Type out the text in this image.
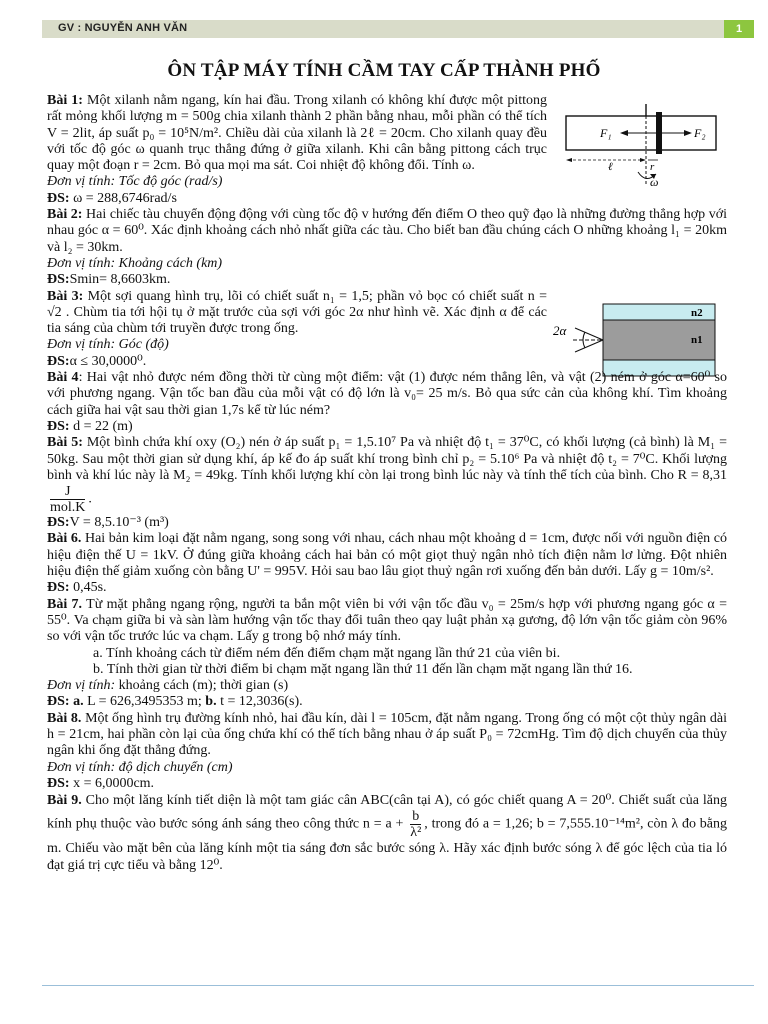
GV : NGUYỄN ANH VĂN	1
ÔN TẬP MÁY TÍNH CẦM TAY CẤP THÀNH PHỐ
F₁	F₂
ℓ	r
ω
n2
n1
2α

Bài 1: Một xilanh nằm ngang, kín hai đầu. Trong xilanh có không khí được một pittong rất mỏng khối lượng m = 500g chia xilanh thành 2 phần bằng nhau, mỗi phần có thể tích V = 2lit, áp suất p₀ = 10⁵N/m². Chiều dài của xilanh là 2ℓ = 20cm. Cho xilanh quay đều với tốc độ góc ω quanh trục thẳng đứng ở giữa xilanh. Khi cân bằng pittong cách trục quay một đoạn r = 2cm. Bỏ qua mọi ma sát. Coi nhiệt độ không đổi. Tính ω.

Đơn vị tính: Tốc độ góc (rad/s)

ĐS: ω = 288,6746rad/s

Bài 2: Hai chiếc tàu chuyển động động với cùng tốc độ v hướng đến điểm O theo quỹ đạo là những đường thẳng hợp với nhau góc α = 60⁰. Xác định khoảng cách nhỏ nhất giữa các tàu. Cho biết ban đầu chúng cách O những khoảng l₁ = 20km và l₂ = 30km.

Đơn vị tính: Khoảng cách (km)

ĐS:Smin= 8,6603km.

Bài 3: Một sợi quang hình trụ, lõi có chiết suất n₁ = 1,5; phần vỏ bọc có chiết suất n = √2 . Chùm tia tới hội tụ ở mặt trước của sợi với góc 2α như hình vẽ. Xác định α để các tia sáng của chùm tới truyền được trong ống.

Đơn vị tính: Góc (độ)

ĐS:α ≤ 30,0000⁰.

Bài 4: Hai vật nhỏ được ném đồng thời từ cùng một điểm: vật (1) được ném thẳng lên, và vật (2) ném ở góc α=60⁰ so với phương ngang. Vận tốc ban đầu của mỗi vật có độ lớn là v₀= 25 m/s. Bỏ qua sức cản của không khí. Tìm khoảng cách giữa hai vật sau thời gian 1,7s kể từ lúc ném?

ĐS: d = 22 (m)

Bài 5: Một bình chứa khí oxy (O₂) nén ở áp suất p₁ = 1,5.10⁷ Pa và nhiệt độ t₁ = 37⁰C, có khối lượng (cả bình) là M₁ = 50kg. Sau một thời gian sử dụng khí, áp kế đo áp suất khí trong bình chỉ p₂ = 5.10⁶ Pa và nhiệt độ t₂ = 7⁰C. Khối lượng bình và khí lúc này là M₂ = 49kg. Tính khối lượng khí còn lại trong bình lúc này và tính thể tích của bình. Cho R = 8,31
$\frac{J}{\text{mol.K}}$ .

ĐS:V = 8,5.10⁻³ (m³)

Bài 6. Hai bản kim loại đặt nằm ngang, song song với nhau, cách nhau một khoảng d = 1cm, được nối với nguồn điện có hiệu điện thế U = 1kV. Ở đúng giữa khoảng cách hai bản có một giọt thuỷ ngân nhỏ tích điện nằm lơ lửng. Đột nhiên hiệu điện thế giảm xuống còn bằng U' = 995V. Hỏi sau bao lâu giọt thuỷ ngân rơi xuống đến bản dưới. Lấy g = 10m/s².

ĐS: 0,45s.

Bài 7. Từ mặt phẳng ngang rộng, người ta bắn một viên bi với vận tốc đầu v₀ = 25m/s hợp với phương ngang góc α = 55⁰. Va chạm giữa bi và sàn làm hướng vận tốc thay đổi tuân theo qay luật phản xạ gương, độ lớn vận tốc giảm còn 96% so với vận tốc trước lúc va chạm. Lấy g trong bộ nhớ máy tính.

a. Tính khoảng cách từ điểm ném đến điểm chạm mặt ngang lần thứ 21 của viên bi.

b. Tính thời gian từ thời điểm bi chạm mặt ngang lần thứ 11 đến lần chạm mặt ngang lần thứ 16.

Đơn vị tính: khoảng cách (m); thời gian (s)

ĐS: a. L = 626,3495353 m; b. t = 12,3036(s).

Bài 8. Một ống hình trụ đường kính nhỏ, hai đầu kín, dài l = 105cm, đặt nằm ngang. Trong ống có một cột thủy ngân dài h = 21cm, hai phần còn lại của ống chứa khí có thể tích bằng nhau ở áp suất P₀ = 72cmHg. Tìm độ dịch chuyển của thủy ngân khi ống đặt thẳng đứng.

Đơn vị tính: độ dịch chuyển (cm)

ĐS: x = 6,0000cm.

Bài 9. Cho một lăng kính tiết diện là một tam giác cân ABC(cân tại A), có góc chiết quang A = 20⁰. Chiết suất của lăng kính phụ thuộc vào bước sóng ánh sáng theo công thức $n = a + \frac{b}{\text{λ²}}$ , trong đó a = 1,26; b = 7,555.10⁻¹⁴m², còn λ đo bằng m. Chiếu vào mặt bên của lăng kính một tia sáng đơn sắc bước sóng λ. Hãy xác định bước sóng λ để góc lệch của tia ló đạt giá trị cực tiểu và bằng 12⁰.
